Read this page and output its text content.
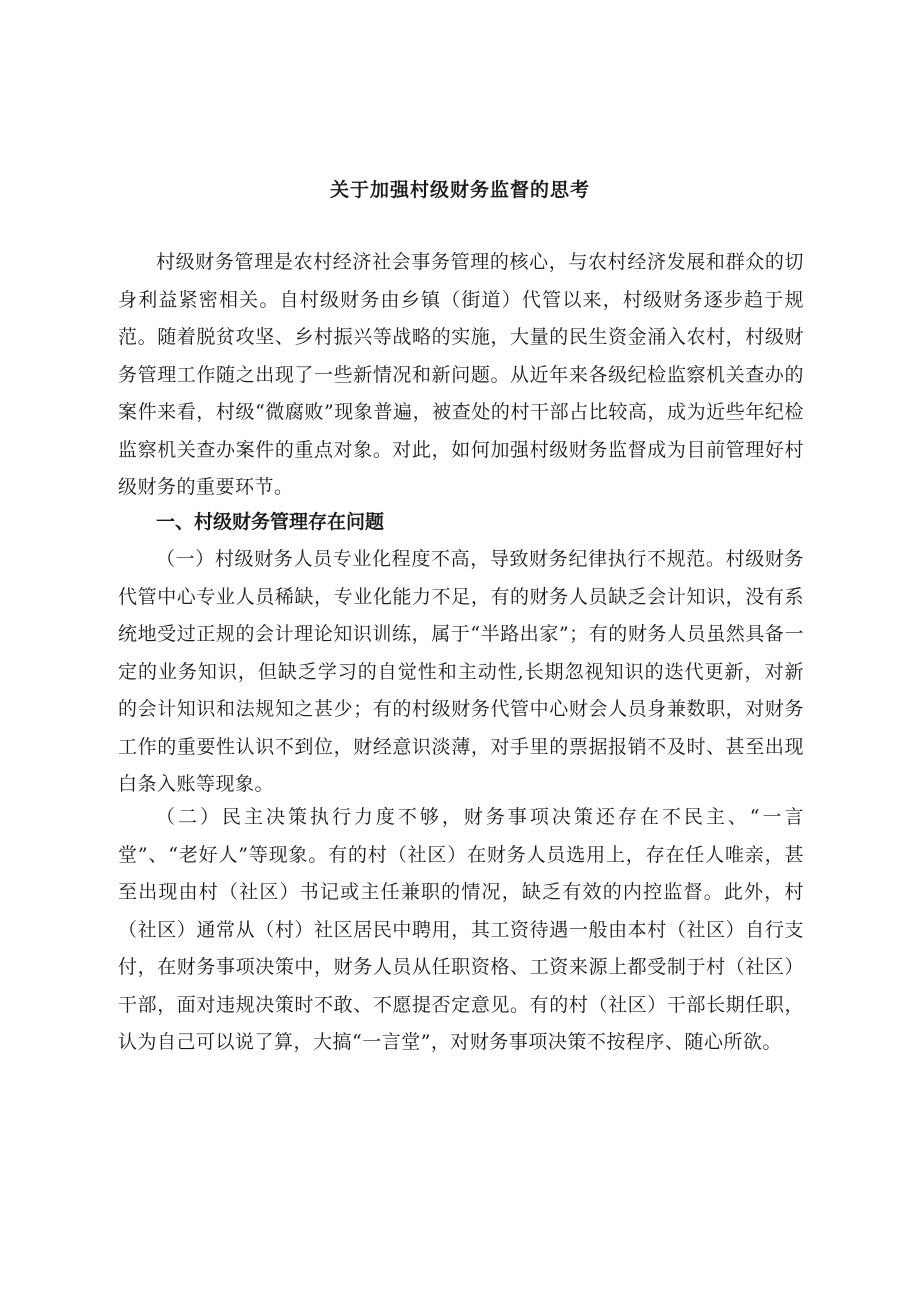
关于加强村级财务监督的思考

村级财务管理是农村经济社会事务管理的核心，与农村经济发展和群众的切身利益紧密相关。自村级财务由乡镇（街道）代管以来，村级财务逐步趋于规范。随着脱贫攻坚、乡村振兴等战略的实施，大量的民生资金涌入农村，村级财务管理工作随之出现了一些新情况和新问题。从近年来各级纪检监察机关查办的案件来看，村级“微腐败”现象普遍，被查处的村干部占比较高，成为近些年纪检监察机关查办案件的重点对象。对此，如何加强村级财务监督成为目前管理好村级财务的重要环节。

一、村级财务管理存在问题

（一）村级财务人员专业化程度不高，导致财务纪律执行不规范。村级财务代管中心专业人员稀缺，专业化能力不足，有的财务人员缺乏会计知识，没有系统地受过正规的会计理论知识训练，属于“半路出家”；有的财务人员虽然具备一定的业务知识，但缺乏学习的自觉性和主动性,长期忽视知识的迭代更新，对新的会计知识和法规知之甚少；有的村级财务代管中心财会人员身兼数职，对财务工作的重要性认识不到位，财经意识淡薄，对手里的票据报销不及时、甚至出现白条入账等现象。

（二）民主决策执行力度不够，财务事项决策还存在不民主、“一言堂”、“老好人”等现象。有的村（社区）在财务人员选用上，存在任人唯亲，甚至出现由村（社区）书记或主任兼职的情况，缺乏有效的内控监督。此外，村（社区）通常从（村）社区居民中聘用，其工资待遇一般由本村（社区）自行支付，在财务事项决策中，财务人员从任职资格、工资来源上都受制于村（社区）干部，面对违规决策时不敢、不愿提否定意见。有的村（社区）干部长期任职，认为自己可以说了算，大搞“一言堂”，对财务事项决策不按程序、随心所欲。
